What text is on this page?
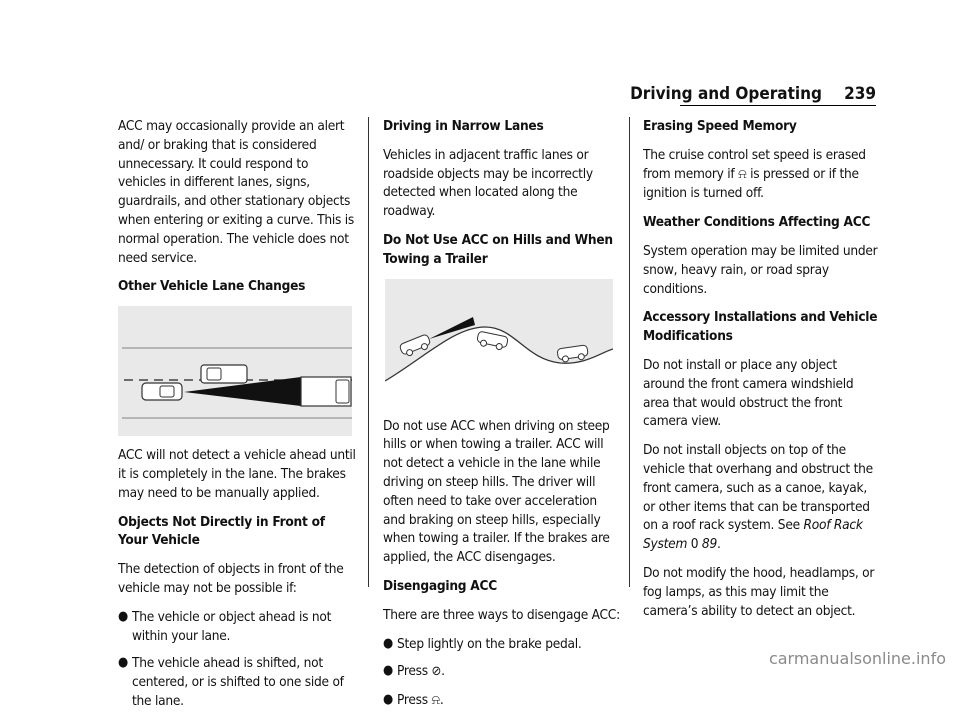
Driving and Operating 239

ACC may occasionally provide an alert and/ or braking that is considered unnecessary. It could respond to vehicles in different lanes, signs, guardrails, and other stationary objects when entering or exiting a curve. This is normal operation. The vehicle does not need service.

Other Vehicle Lane Changes

ACC will not detect a vehicle ahead until it is completely in the lane. The brakes may need to be manually applied.

Objects Not Directly in Front of Your Vehicle

The detection of objects in front of the vehicle may not be possible if:

● The vehicle or object ahead is not within your lane.
● The vehicle ahead is shifted, not centered, or is shifted to one side of the lane.

Driving in Narrow Lanes

Vehicles in adjacent traffic lanes or roadside objects may be incorrectly detected when located along the roadway.

Do Not Use ACC on Hills and When Towing a Trailer

Do not use ACC when driving on steep hills or when towing a trailer. ACC will not detect a vehicle in the lane while driving on steep hills. The driver will often need to take over acceleration and braking on steep hills, especially when towing a trailer. If the brakes are applied, the ACC disengages.

Disengaging ACC

There are three ways to disengage ACC:

● Step lightly on the brake pedal.
● Press ⊘.
● Press ⍾.

Erasing Speed Memory

The cruise control set speed is erased from memory if ⍾ is pressed or if the ignition is turned off.

Weather Conditions Affecting ACC

System operation may be limited under snow, heavy rain, or road spray conditions.

Accessory Installations and Vehicle Modifications

Do not install or place any object around the front camera windshield area that would obstruct the front camera view.

Do not install objects on top of the vehicle that overhang and obstruct the front camera, such as a canoe, kayak, or other items that can be transported on a roof rack system. See Roof Rack System 0 89.

Do not modify the hood, headlamps, or fog lamps, as this may limit the camera’s ability to detect an object.

carmanualsonline.info
